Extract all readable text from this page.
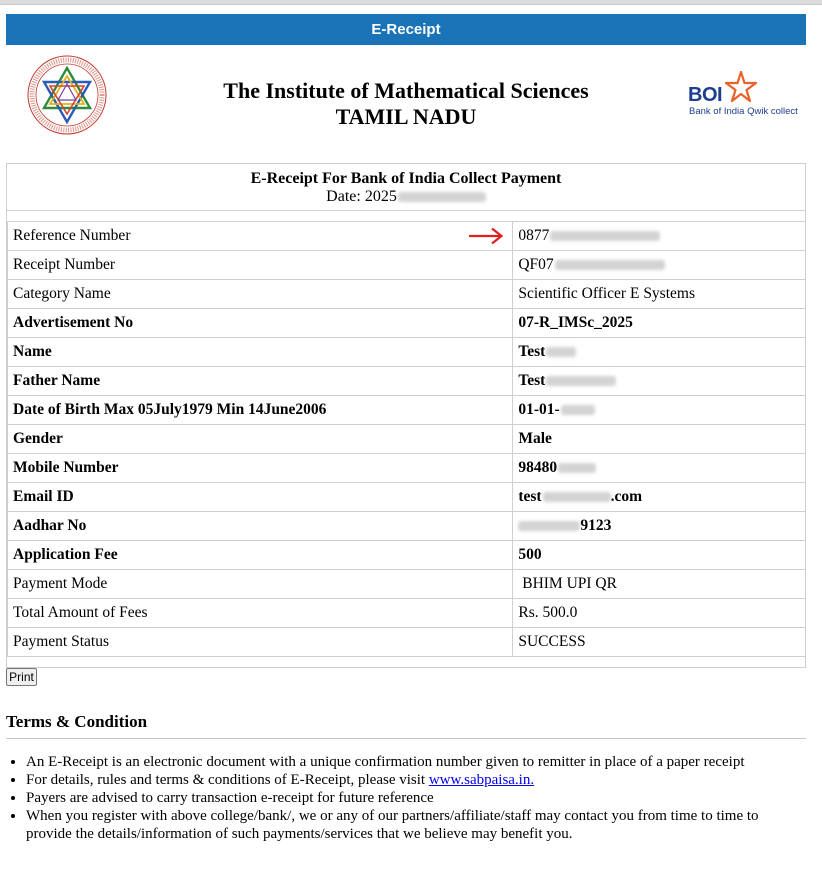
E-Receipt
The Institute of Mathematical Sciences
TAMIL NADU
BOI
Bank of India Qwik collect
E-Receipt For Bank of India Collect Payment
Date: 2025
Reference Number	0877
Receipt Number	QF07
Category Name	Scientific Officer E Systems
Advertisement No	07-R_IMSc_2025
Name	Test
Father Name	Test
Date of Birth Max 05July1979 Min 14June2006	01-01-
Gender	Male
Mobile Number	98480
Email ID	test .com
Aadhar No	9123
Application Fee	500
Payment Mode	BHIM UPI QR
Total Amount of Fees	Rs. 500.0
Payment Status	SUCCESS
Print
Terms & Condition
• An E-Receipt is an electronic document with a unique confirmation number given to remitter in place of a paper receipt
• For details, rules and terms & conditions of E-Receipt, please visit www.sabpaisa.in.
• Payers are advised to carry transaction e-receipt for future reference
• When you register with above college/bank/, we or any of our partners/affiliate/staff may contact you from time to time to provide the details/information of such payments/services that we believe may benefit you.
